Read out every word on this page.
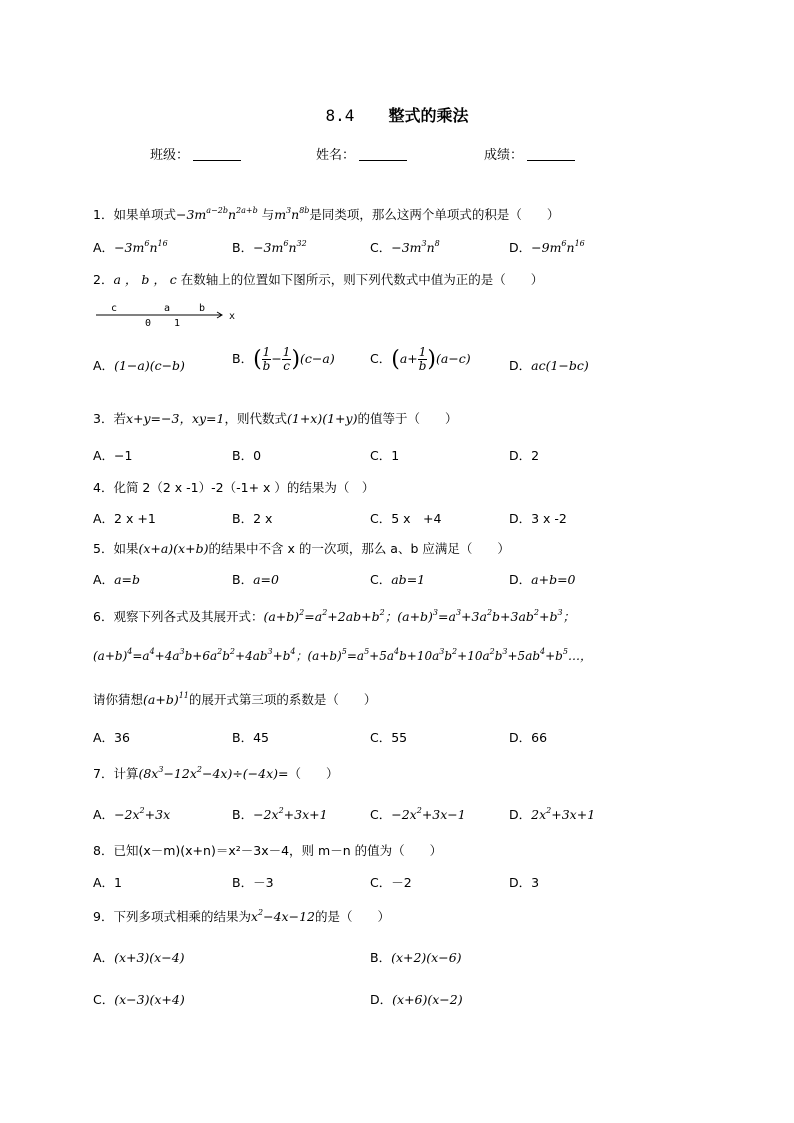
8.4 整式的乘法
班级：	姓名：	成绩：
1．如果单项式$-3m^{a-2b}n^{2a+b}$ 与$m^3n^{8b}$是同类项，那么这两个单项式的积是（　　）
A．$-3m^6n^{16}$	B．$-3m^6n^{32}$	C．$-3m^3n^8$	D．$-9m^6n^{16}$
2．a ， b ， c 在数轴上的位置如下图所示，则下列代数式中值为正的是（　　）
c	a	b
0 1
x
A．(1−a)(c−b)	B．( $\frac{1}{b} - \frac{1}{c} )(c-a)$	C．$(a+ \frac{1}{b} )(a-c)$	D．ac(1−bc)
3．若x+y=−3，xy=1，则代数式(1+x)(1+y)的值等于（　　）
A．−1	B．0	C．1	D．2
4．化简 2（2 x -1）-2（-1+ x ）的结果为（　）
A．2 x +1	B．2 x	C．5 x　+4	D．3 x -2
5．如果(x+a)(x+b)的结果中不含 x 的一次项，那么 a、b 应满足（　　）
A．a=b	B．a=0	C．ab=1	D．a+b=0
6．观察下列各式及其展开式：$(a+b)^2=a^2+2ab+b^2$；$(a+b)^3=a^3+3a^2b+3ab^2+b^3$；
$(a+b)^4=a^4+4a^3b+6a^2b^2+4ab^3+b^4$；$(a+b)^5=a^5+5a^4b+10a^3b^2+10a^2b^3+5ab^4+b^5\dots$，
请你猜想$(a+b)^{11}$的展开式第三项的系数是（　　）
A．36	B．45	C．55	D．66
7．计算$(8x^3-12x^2-4x)\div(-4x)=$（　　）
A．$-2x^2+3x$	B．$-2x^2+3x+1$	C．$-2x^2+3x-1$	D．$2x^2+3x+1$
8．已知(x－m)(x+n)＝x²－3x－4，则 m－n 的值为（　　）
A．1	B．－3	C．－2	D．3
9．下列多项式相乘的结果为$x^2-4x-12$的是（　　）
A．(x+3)(x−4)	B．(x+2)(x−6)
C．(x−3)(x+4)	D．(x+6)(x−2)
